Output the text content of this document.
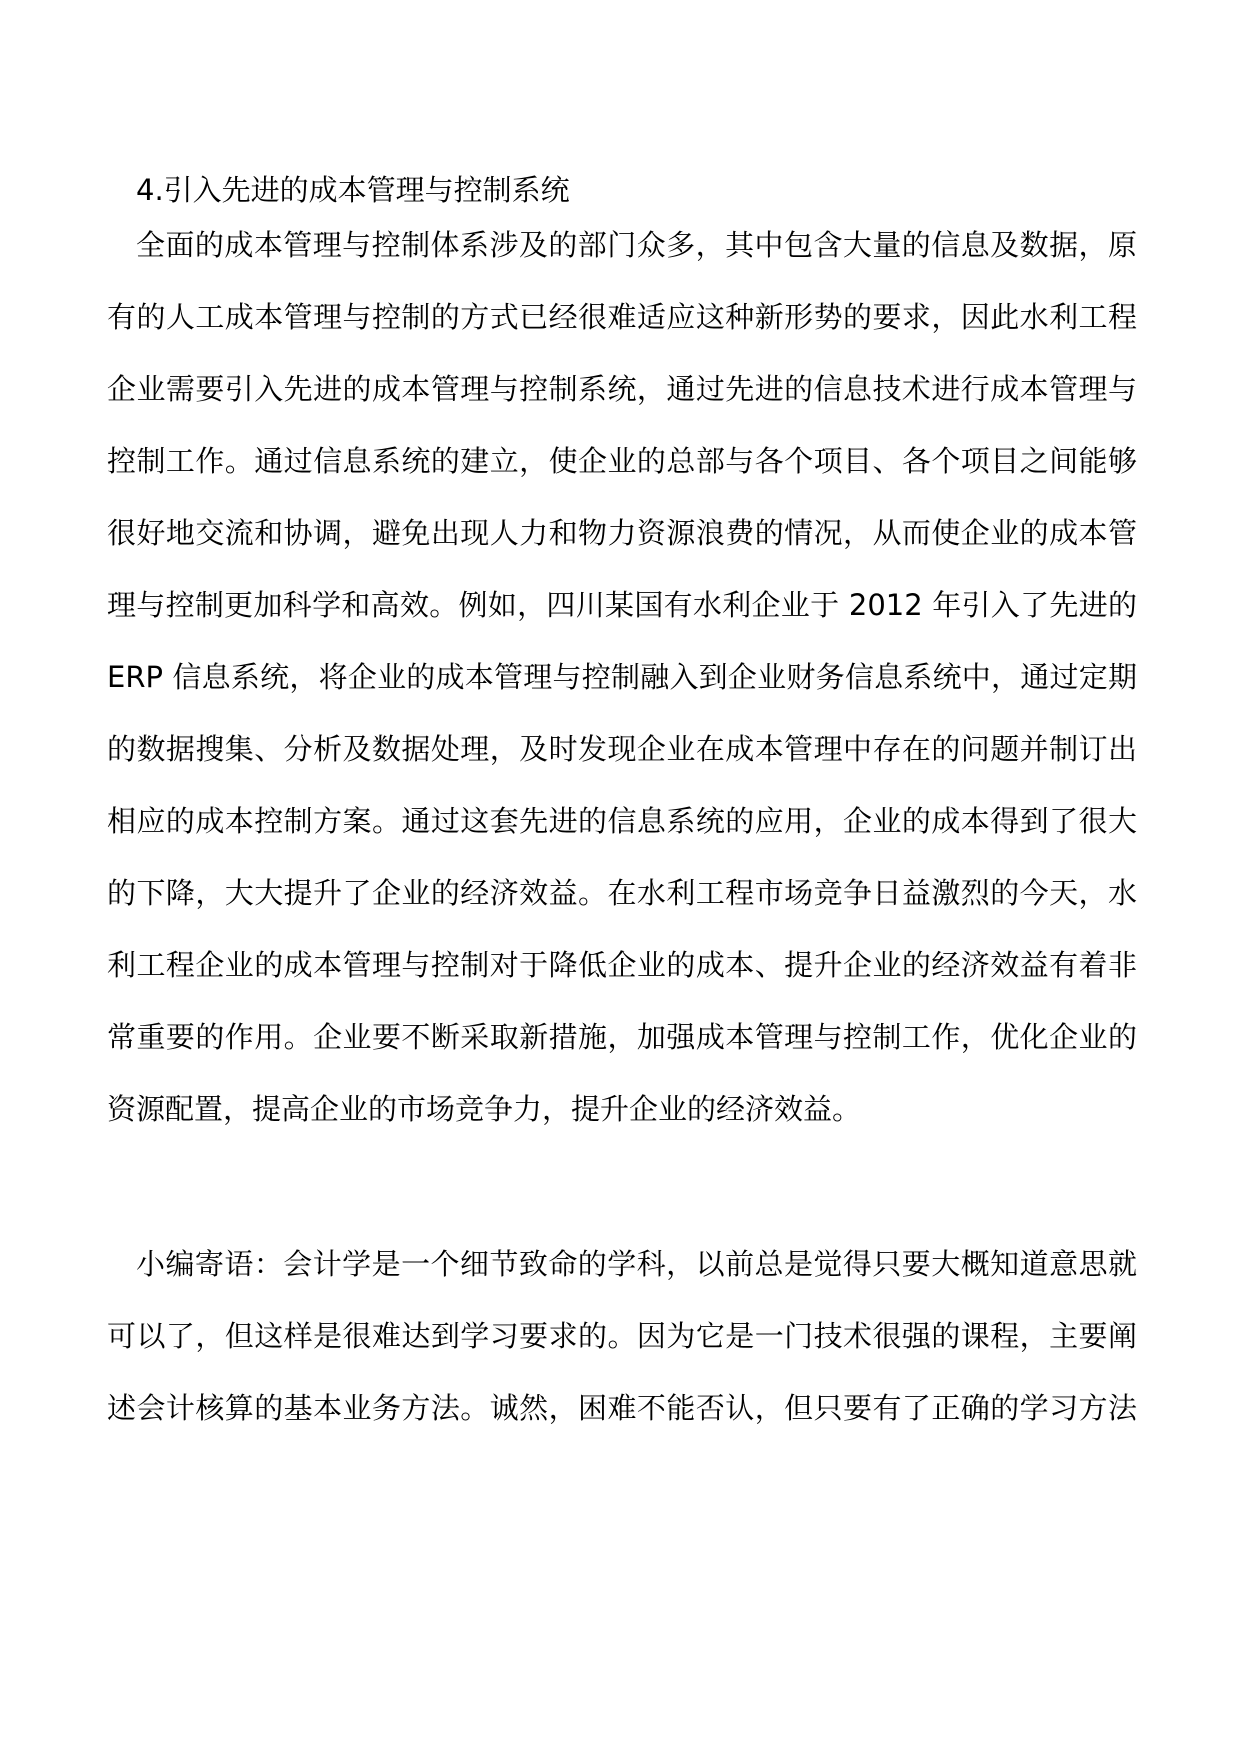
4.引入先进的成本管理与控制系统
全面的成本管理与控制体系涉及的部门众多，其中包含大量的信息及数据，原
有的人工成本管理与控制的方式已经很难适应这种新形势的要求，因此水利工程
企业需要引入先进的成本管理与控制系统，通过先进的信息技术进行成本管理与
控制工作。通过信息系统的建立，使企业的总部与各个项目、各个项目之间能够
很好地交流和协调，避免出现人力和物力资源浪费的情况，从而使企业的成本管
理与控制更加科学和高效。例如，四川某国有水利企业于 2012 年引入了先进的
ERP 信息系统，将企业的成本管理与控制融入到企业财务信息系统中，通过定期
的数据搜集、分析及数据处理，及时发现企业在成本管理中存在的问题并制订出
相应的成本控制方案。通过这套先进的信息系统的应用，企业的成本得到了很大
的下降，大大提升了企业的经济效益。在水利工程市场竞争日益激烈的今天，水
利工程企业的成本管理与控制对于降低企业的成本、提升企业的经济效益有着非
常重要的作用。企业要不断采取新措施，加强成本管理与控制工作，优化企业的
资源配置，提高企业的市场竞争力，提升企业的经济效益。
小编寄语：会计学是一个细节致命的学科，以前总是觉得只要大概知道意思就
可以了，但这样是很难达到学习要求的。因为它是一门技术很强的课程，主要阐
述会计核算的基本业务方法。诚然，困难不能否认，但只要有了正确的学习方法
